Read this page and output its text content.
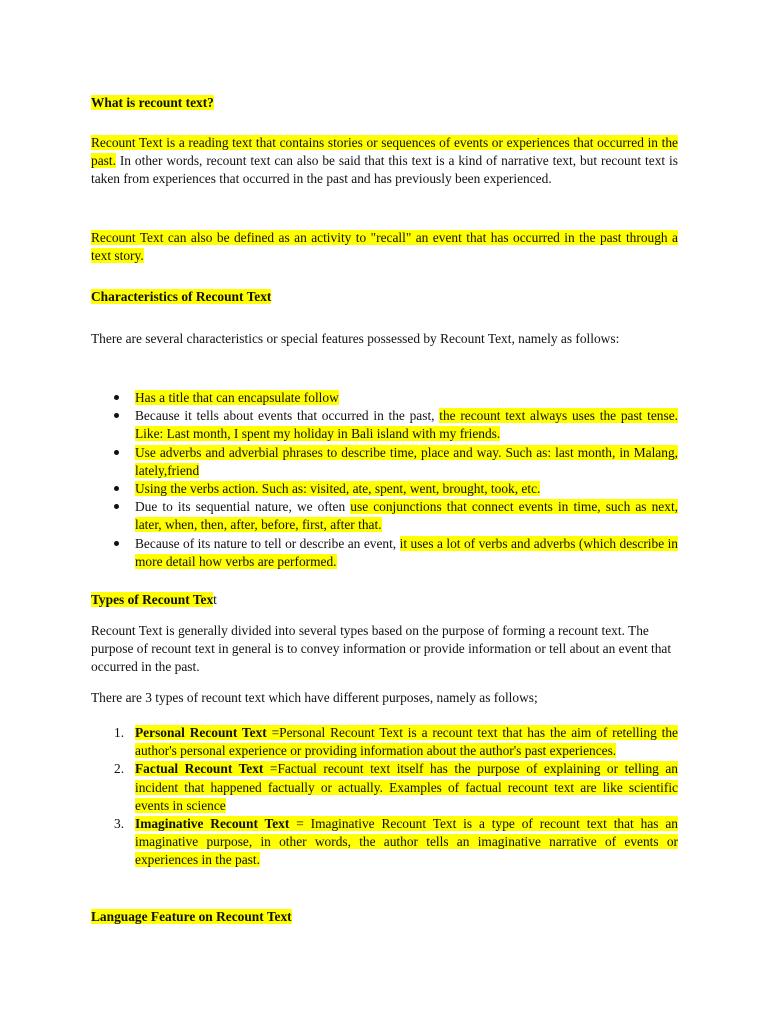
What is recount text?

Recount Text is a reading text that contains stories or sequences of events or experiences that occurred in the past. In other words, recount text can also be said that this text is a kind of narrative text, but recount text is taken from experiences that occurred in the past and has previously been experienced.

Recount Text can also be defined as an activity to "recall" an event that has occurred in the past through a text story.

Characteristics of Recount Text

There are several characteristics or special features possessed by Recount Text, namely as follows:

Has a title that can encapsulate follow
Because it tells about events that occurred in the past, the recount text always uses the past tense. Like: Last month, I spent my holiday in Bali island with my friends.
Use adverbs and adverbial phrases to describe time, place and way. Such as: last month, in Malang, lately,friend
Using the verbs action. Such as: visited, ate, spent, went, brought, took, etc.
Due to its sequential nature, we often use conjunctions that connect events in time, such as next, later, when, then, after, before, first, after that.
Because of its nature to tell or describe an event, it uses a lot of verbs and adverbs (which describe in more detail how verbs are performed.
Types of Recount Text

Recount Text is generally divided into several types based on the purpose of forming a recount text. The purpose of recount text in general is to convey information or provide information or tell about an event that occurred in the past.

There are 3 types of recount text which have different purposes, namely as follows;

1. Personal Recount Text =Personal Recount Text is a recount text that has the aim of retelling the author's personal experience or providing information about the author's past experiences.
2. Factual Recount Text =Factual recount text itself has the purpose of explaining or telling an incident that happened factually or actually. Examples of factual recount text are like scientific events in science
3. Imaginative Recount Text = Imaginative Recount Text is a type of recount text that has an imaginative purpose, in other words, the author tells an imaginative narrative of events or experiences in the past.
Language Feature on Recount Text
